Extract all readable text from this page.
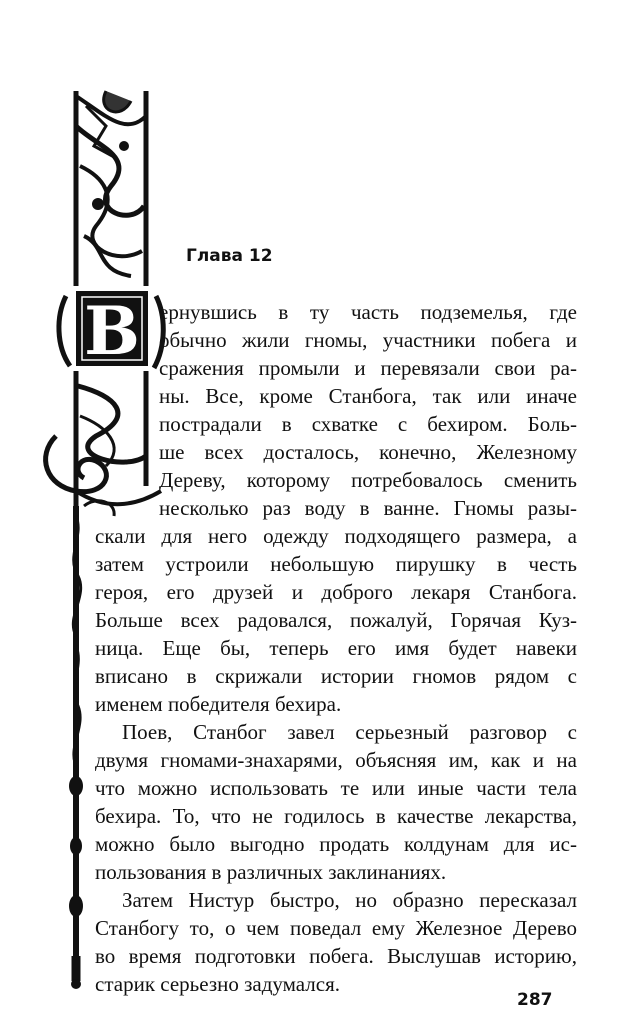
В
Глава 12
ернувшись в ту часть подземелья, где
обычно жили гномы, участники побега и
сражения промыли и перевязали свои ра-
ны. Все, кроме Станбога, так или иначе
пострадали в схватке с бехиром. Боль-
ше всех досталось, конечно, Железному
Дереву, которому потребовалось сменить
несколько раз воду в ванне. Гномы разы-
скали для него одежду подходящего размера, а
затем устроили небольшую пирушку в честь
героя, его друзей и доброго лекаря Станбога.
Больше всех радовался, пожалуй, Горячая Куз-
ница. Еще бы, теперь его имя будет навеки
вписано в скрижали истории гномов рядом с
именем победителя бехира.
Поев, Станбог завел серьезный разговор с
двумя гномами-знахарями, объясняя им, как и на
что можно использовать те или иные части тела
бехира. То, что не годилось в качестве лекарства,
можно было выгодно продать колдунам для ис-
пользования в различных заклинаниях.
Затем Нистур быстро, но образно пересказал
Станбогу то, о чем поведал ему Железное Дерево
во время подготовки побега. Выслушав историю,
старик серьезно задумался.
287
